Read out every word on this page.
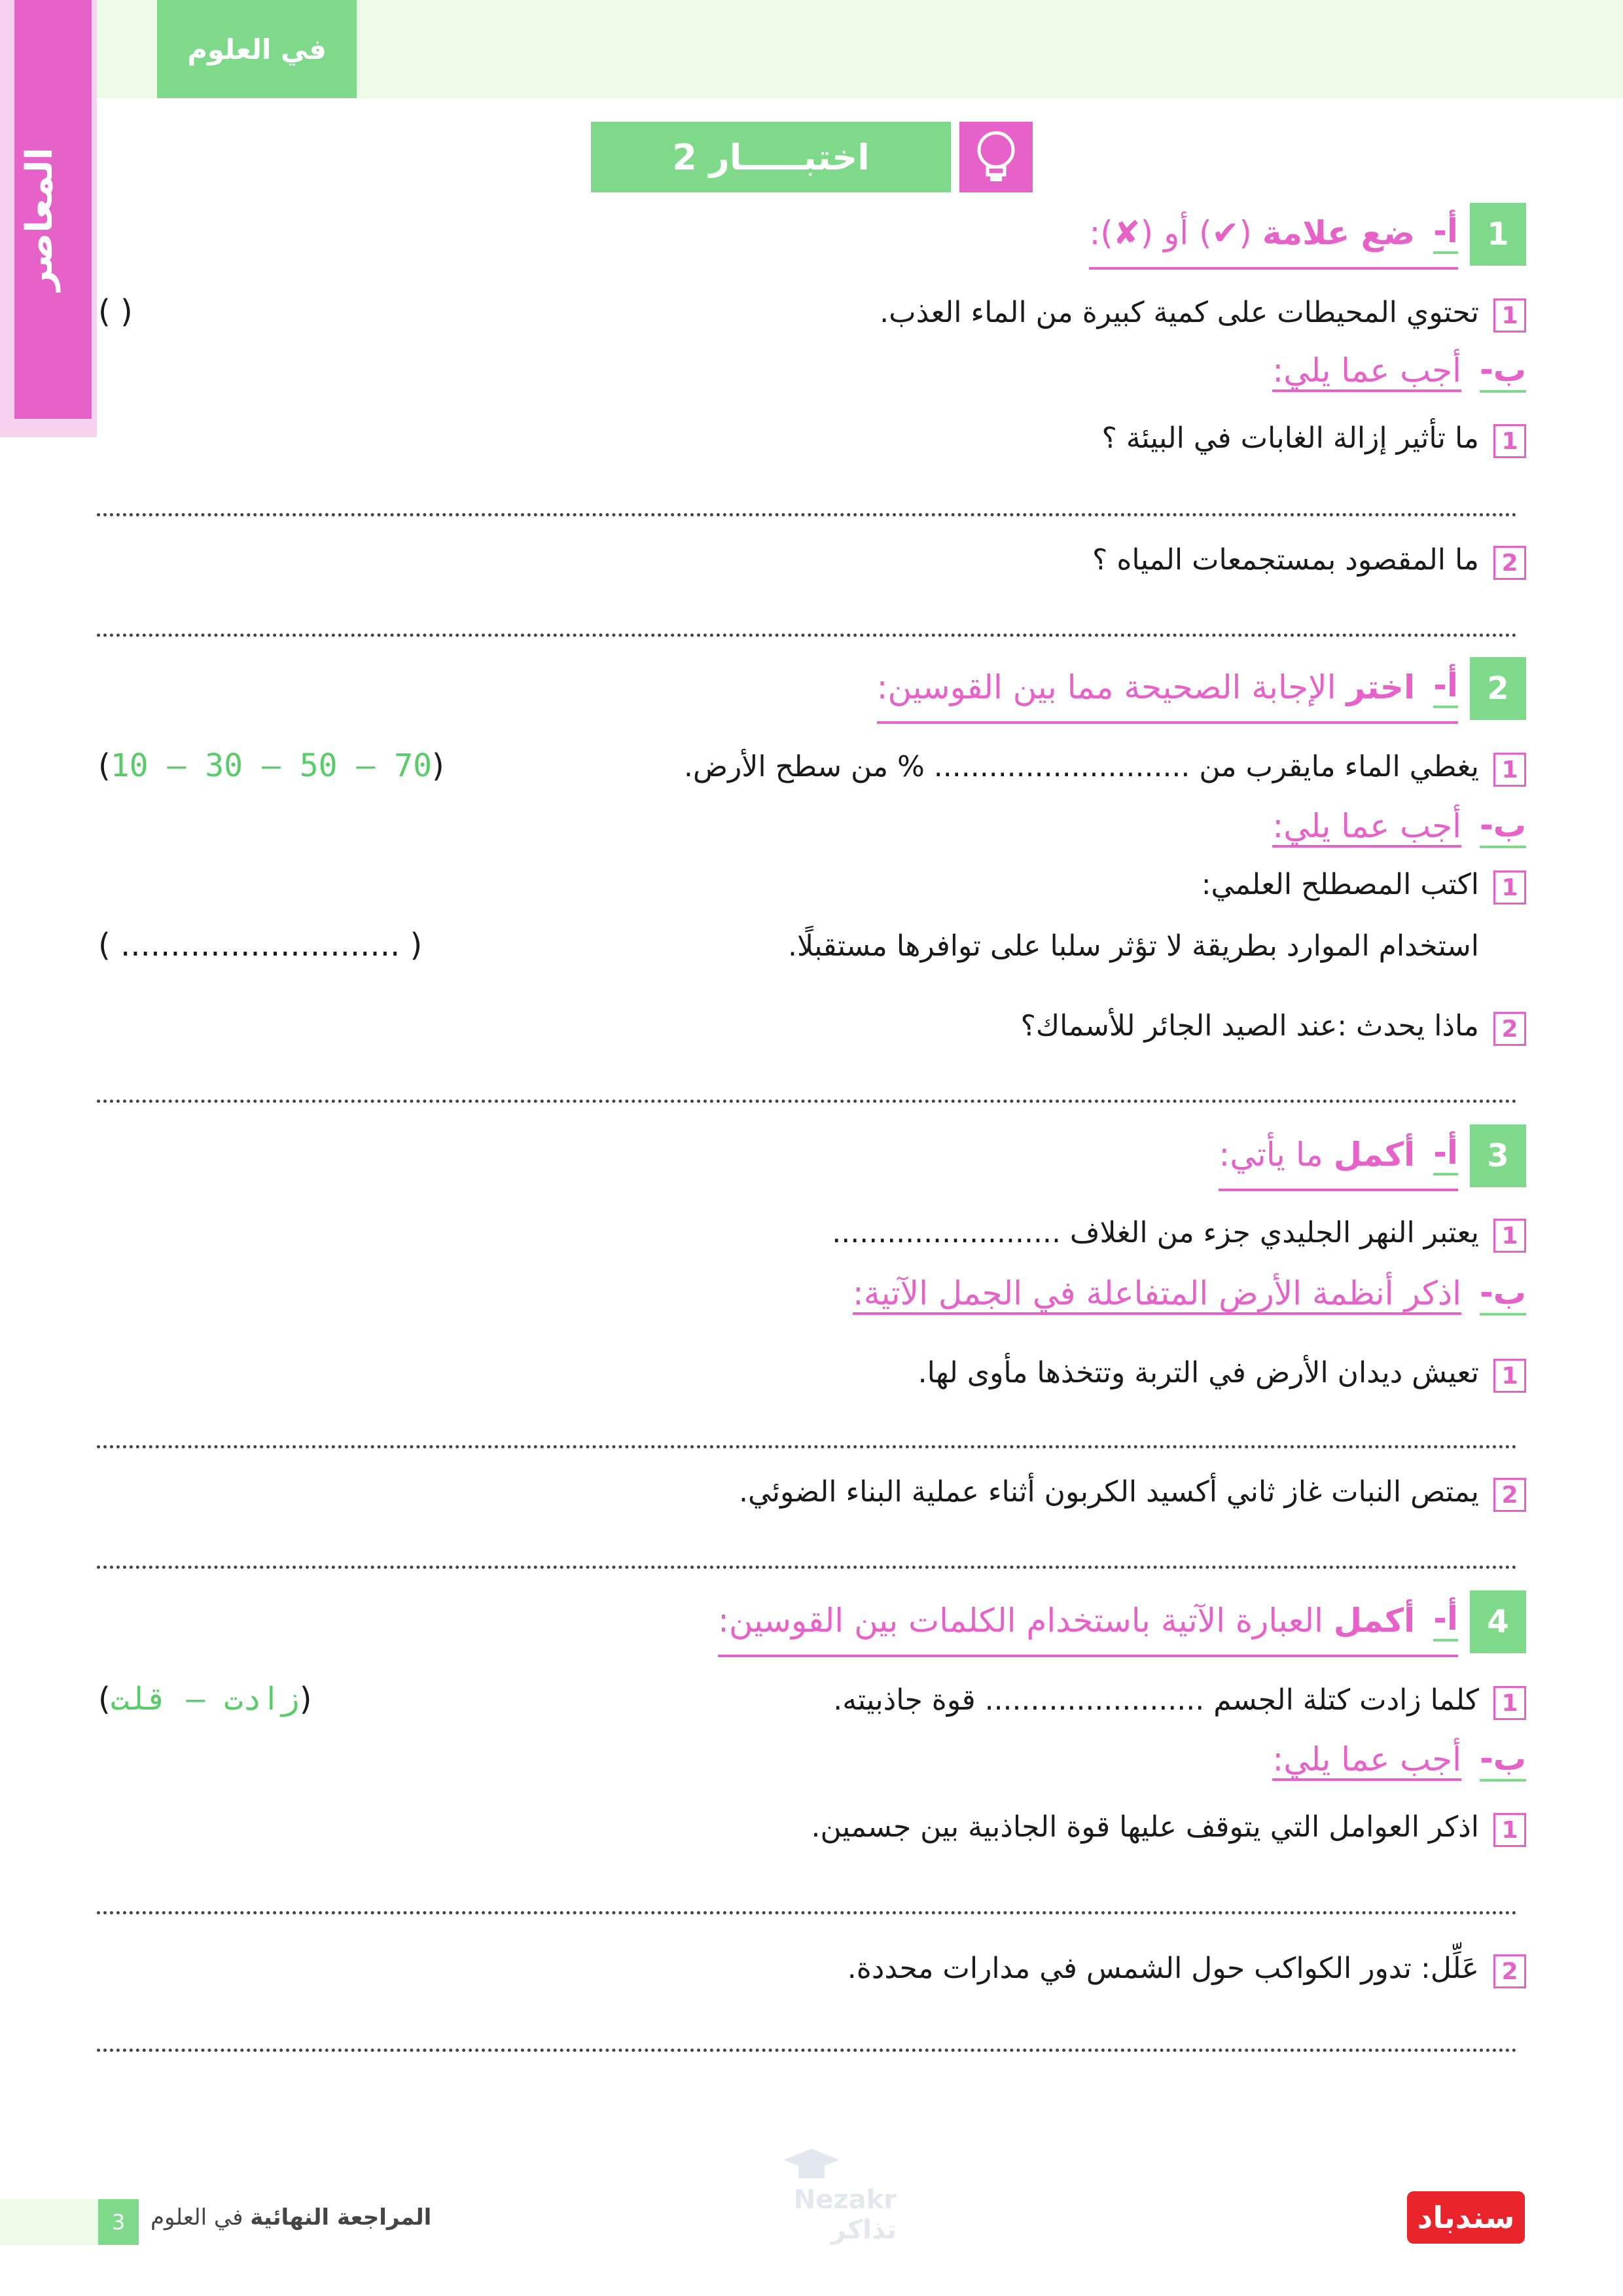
في العلوم
المعاصر	اختبـــــار 2
1
أ-
ضع علامة (✔) أو (✘):
1
تحتوي المحيطات على كمية كبيرة من الماء العذب.
( )
ب-
أجب عما يلي:
1
ما تأثير إزالة الغابات في البيئة ؟
2
ما المقصود بمستجمعات المياه ؟
2
أ-
اختر الإجابة الصحيحة مما بين القوسين:
1
يغطي الماء مايقرب من ............................ % من سطح الأرض.
(70 – 50 – 30 – 10)
ب-
أجب عما يلي:
1
اكتب المصطلح العلمي:
استخدام الموارد بطريقة لا تؤثر سلبا على توافرها مستقبلًا.
( ............................ )
2
ماذا يحدث :عند الصيد الجائر للأسماك؟
3
أ-
أكمل ما يأتي:
1
يعتبر النهر الجليدي جزء من الغلاف .........................
ب-
اذكر أنظمة الأرض المتفاعلة في الجمل الآتية:
1
تعيش ديدان الأرض في التربة وتتخذها مأوى لها.
2
يمتص النبات غاز ثاني أكسيد الكربون أثناء عملية البناء الضوئي.
4
أ-
أكمل العبارة الآتية باستخدام الكلمات بين القوسين:
1
كلما زادت كتلة الجسم ........................ قوة جاذبيته.
(زادت – قلت)
ب-
أجب عما يلي:
1
اذكر العوامل التي يتوقف عليها قوة الجاذبية بين جسمين.
2
عَلِّل: تدور الكواكب حول الشمس في مدارات محددة.
3	المراجعة النهائية في العلوم
Nezakr تذاكر	سندباد
